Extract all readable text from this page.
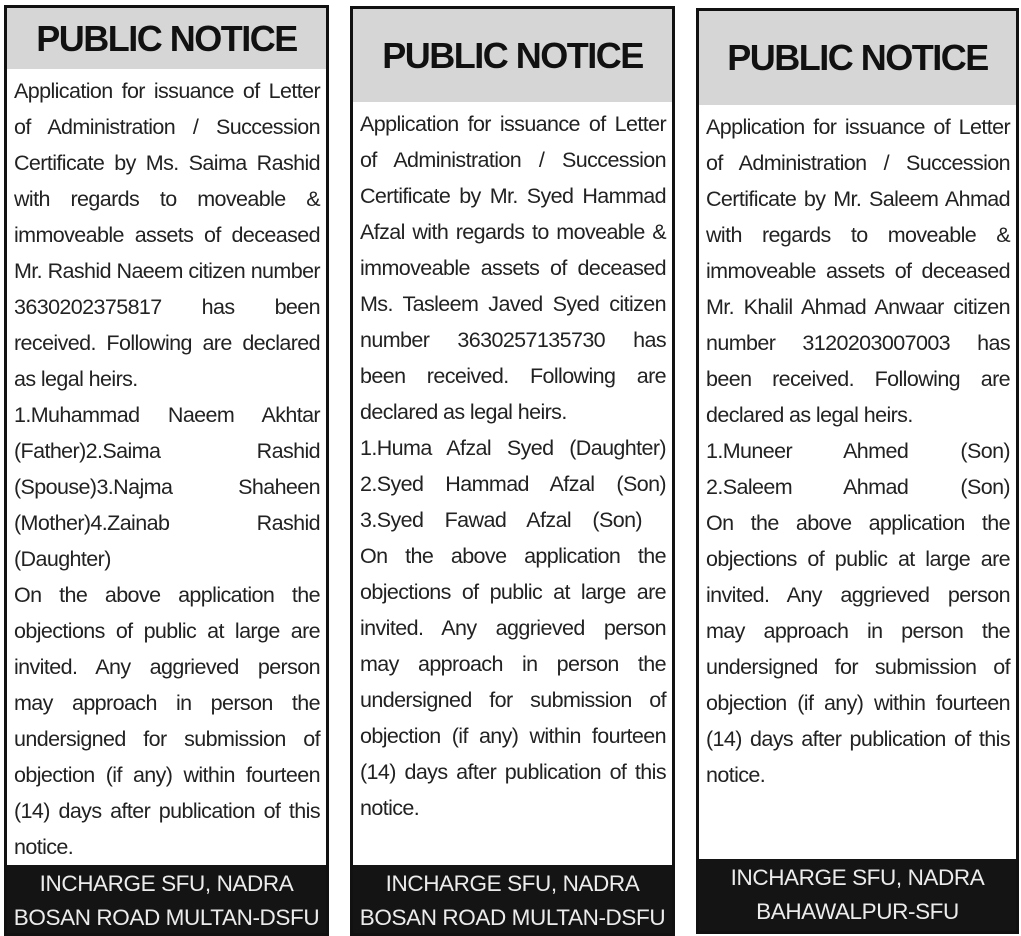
PUBLIC NOTICE

Application for issuance of Letter of Administration / Succession Certificate by Ms. Saima Rashid with regards to moveable & immoveable assets of deceased Mr. Rashid Naeem citizen number 3630202375817 has been received. Following are declared as legal heirs.

1.Muhammad Naeem Akhtar
(Father)2.Saima Rashid
(Spouse)3.Najma Shaheen
(Mother)4.Zainab Rashid
(Daughter)

On the above application the objections of public at large are invited. Any aggrieved person may approach in person the undersigned for submission of objection (if any) within fourteen (14) days after publication of this notice.

INCHARGE SFU, NADRA
BOSAN ROAD MULTAN-DSFU
PUBLIC NOTICE

Application for issuance of Letter of Administration / Succession Certificate by Mr. Syed Hammad Afzal with regards to moveable & immoveable assets of deceased Ms. Tasleem Javed Syed citizen number 3630257135730 has been received. Following are declared as legal heirs.

1.Huma Afzal Syed (Daughter)
2.Syed Hammad Afzal (Son)
3.Syed Fawad Afzal (Son)

On the above application the objections of public at large are invited. Any aggrieved person may approach in person the undersigned for submission of objection (if any) within fourteen (14) days after publication of this notice.

INCHARGE SFU, NADRA
BOSAN ROAD MULTAN-DSFU
PUBLIC NOTICE

Application for issuance of Letter of Administration / Succession Certificate by Mr. Saleem Ahmad with regards to moveable & immoveable assets of deceased Mr. Khalil Ahmad Anwaar citizen number 3120203007003 has been received. Following are declared as legal heirs.

1.Muneer Ahmed (Son)
2.Saleem Ahmad (Son)

On the above application the objections of public at large are invited. Any aggrieved person may approach in person the undersigned for submission of objection (if any) within fourteen (14) days after publication of this notice.

INCHARGE SFU, NADRA
BAHAWALPUR-SFU
